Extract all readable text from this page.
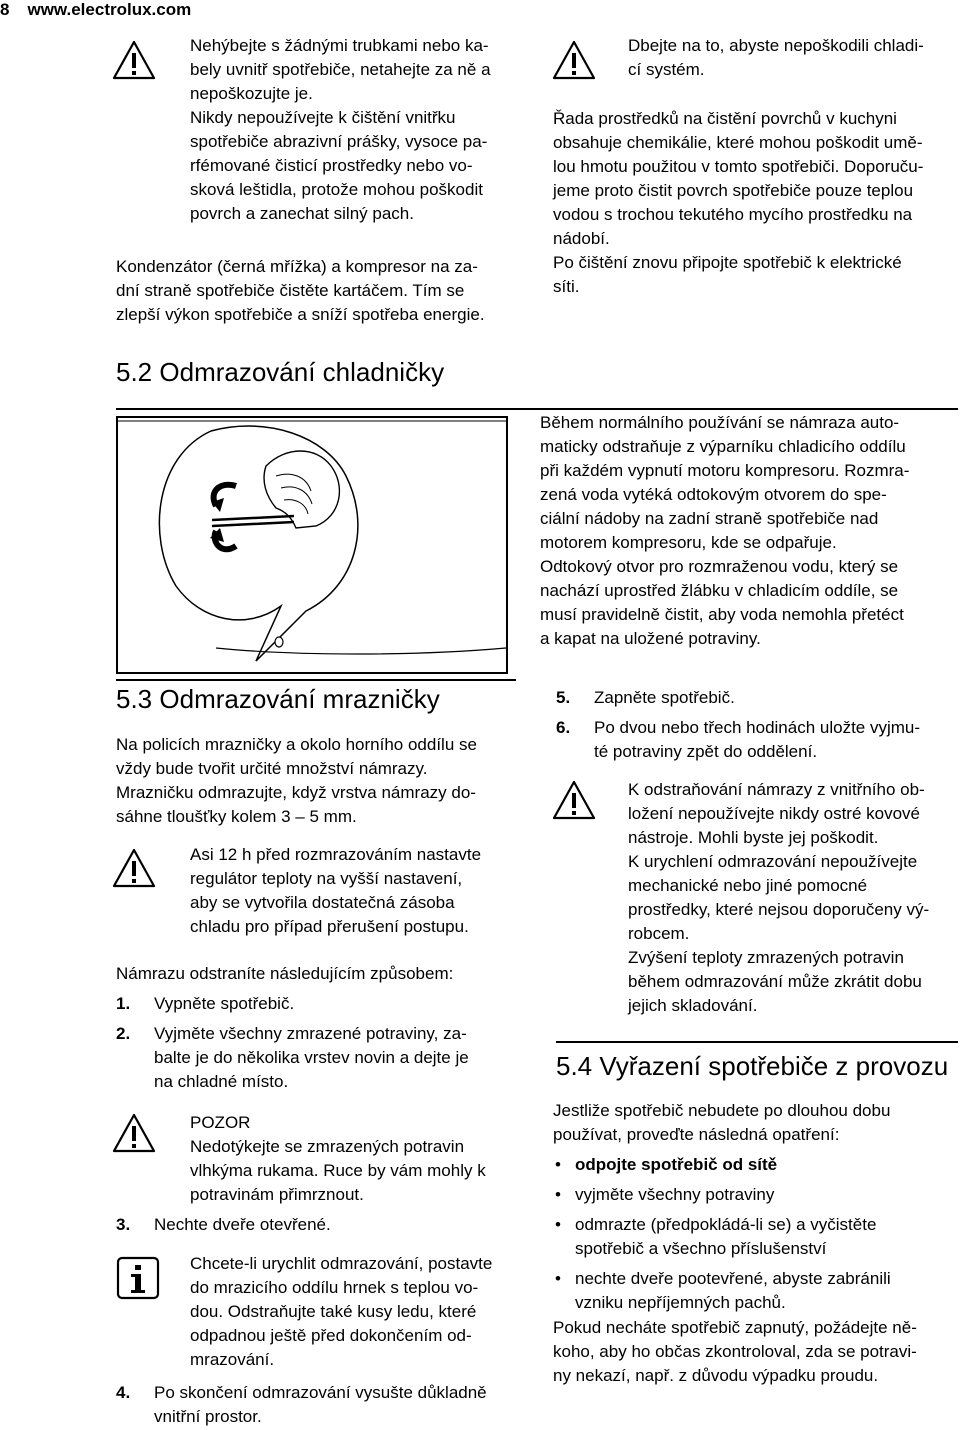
8 www.electrolux.com
Nehýbejte s žádnými trubkami nebo ka-
bely uvnitř spotřebiče, netahejte za ně a
nepoškozujte je.
Nikdy nepoužívejte k čištění vnitřku
spotřebiče abrazivní prášky, vysoce pa-
rfémované čisticí prostředky nebo vo-
sková leštidla, protože mohou poškodit
povrch a zanechat silný pach.
Kondenzátor (černá mřížka) a kompresor na za-
dní straně spotřebiče čistěte kartáčem. Tím se
zlepší výkon spotřebiče a sníží spotřeba energie.
Dbejte na to, abyste nepoškodili chladi-
cí systém.
Řada prostředků na čistění povrchů v kuchyni
obsahuje chemikálie, které mohou poškodit umě-
lou hmotu použitou v tomto spotřebiči. Doporuču-
jeme proto čistit povrch spotřebiče pouze teplou
vodou s trochou tekutého mycího prostředku na
nádobí.
Po čištění znovu připojte spotřebič k elektrické
síti.
5.2 Odmrazování chladničky
Během normálního používání se námraza auto-
maticky odstraňuje z výparníku chladicího oddílu
při každém vypnutí motoru kompresoru. Rozmra-
zená voda vytéká odtokovým otvorem do spe-
ciální nádoby na zadní straně spotřebiče nad
motorem kompresoru, kde se odpařuje.
Odtokový otvor pro rozmraženou vodu, který se
nachází uprostřed žlábku v chladicím oddíle, se
musí pravidelně čistit, aby voda nemohla přetéct
a kapat na uložené potraviny.
5.3 Odmrazování mrazničky
Na policích mrazničky a okolo horního oddílu se
vždy bude tvořit určité množství námrazy.
Mrazničku odmrazujte, když vrstva námrazy do-
sáhne tloušťky kolem 3 – 5 mm.
Asi 12 h před rozmrazováním nastavte
regulátor teploty na vyšší nastavení,
aby se vytvořila dostatečná zásoba
chladu pro případ přerušení postupu.
Námrazu odstraníte následujícím způsobem:
1. Vypněte spotřebič.
2. Vyjměte všechny zmrazené potraviny, za-
balte je do několika vrstev novin a dejte je
na chladné místo.
POZOR
Nedotýkejte se zmrazených potravin
vlhkýma rukama. Ruce by vám mohly k
potravinám přimrznout.
3. Nechte dveře otevřené.
Chcete-li urychlit odmrazování, postavte
do mrazicího oddílu hrnek s teplou vo-
dou. Odstraňujte také kusy ledu, které
odpadnou ještě před dokončením od-
mrazování.
4. Po skončení odmrazování vysušte důkladně
vnitřní prostor.
5. Zapněte spotřebič.
6. Po dvou nebo třech hodinách uložte vyjmu-
té potraviny zpět do oddělení.
K odstraňování námrazy z vnitřního ob-
ložení nepoužívejte nikdy ostré kovové
nástroje. Mohli byste jej poškodit.
K urychlení odmrazování nepoužívejte
mechanické nebo jiné pomocné
prostředky, které nejsou doporučeny vý-
robcem.
Zvýšení teploty zmrazených potravin
během odmrazování může zkrátit dobu
jejich skladování.
5.4 Vyřazení spotřebiče z provozu
Jestliže spotřebič nebudete po dlouhou dobu
používat, proveďte následná opatření:
• odpojte spotřebič od sítě
• vyjměte všechny potraviny
• odmrazte (předpokládá-li se) a vyčistěte
spotřebič a všechno příslušenství
• nechte dveře pootevřené, abyste zabránili
vzniku nepříjemných pachů.
Pokud necháte spotřebič zapnutý, požádejte ně-
koho, aby ho občas zkontroloval, zda se potravi-
ny nekazí, např. z důvodu výpadku proudu.
